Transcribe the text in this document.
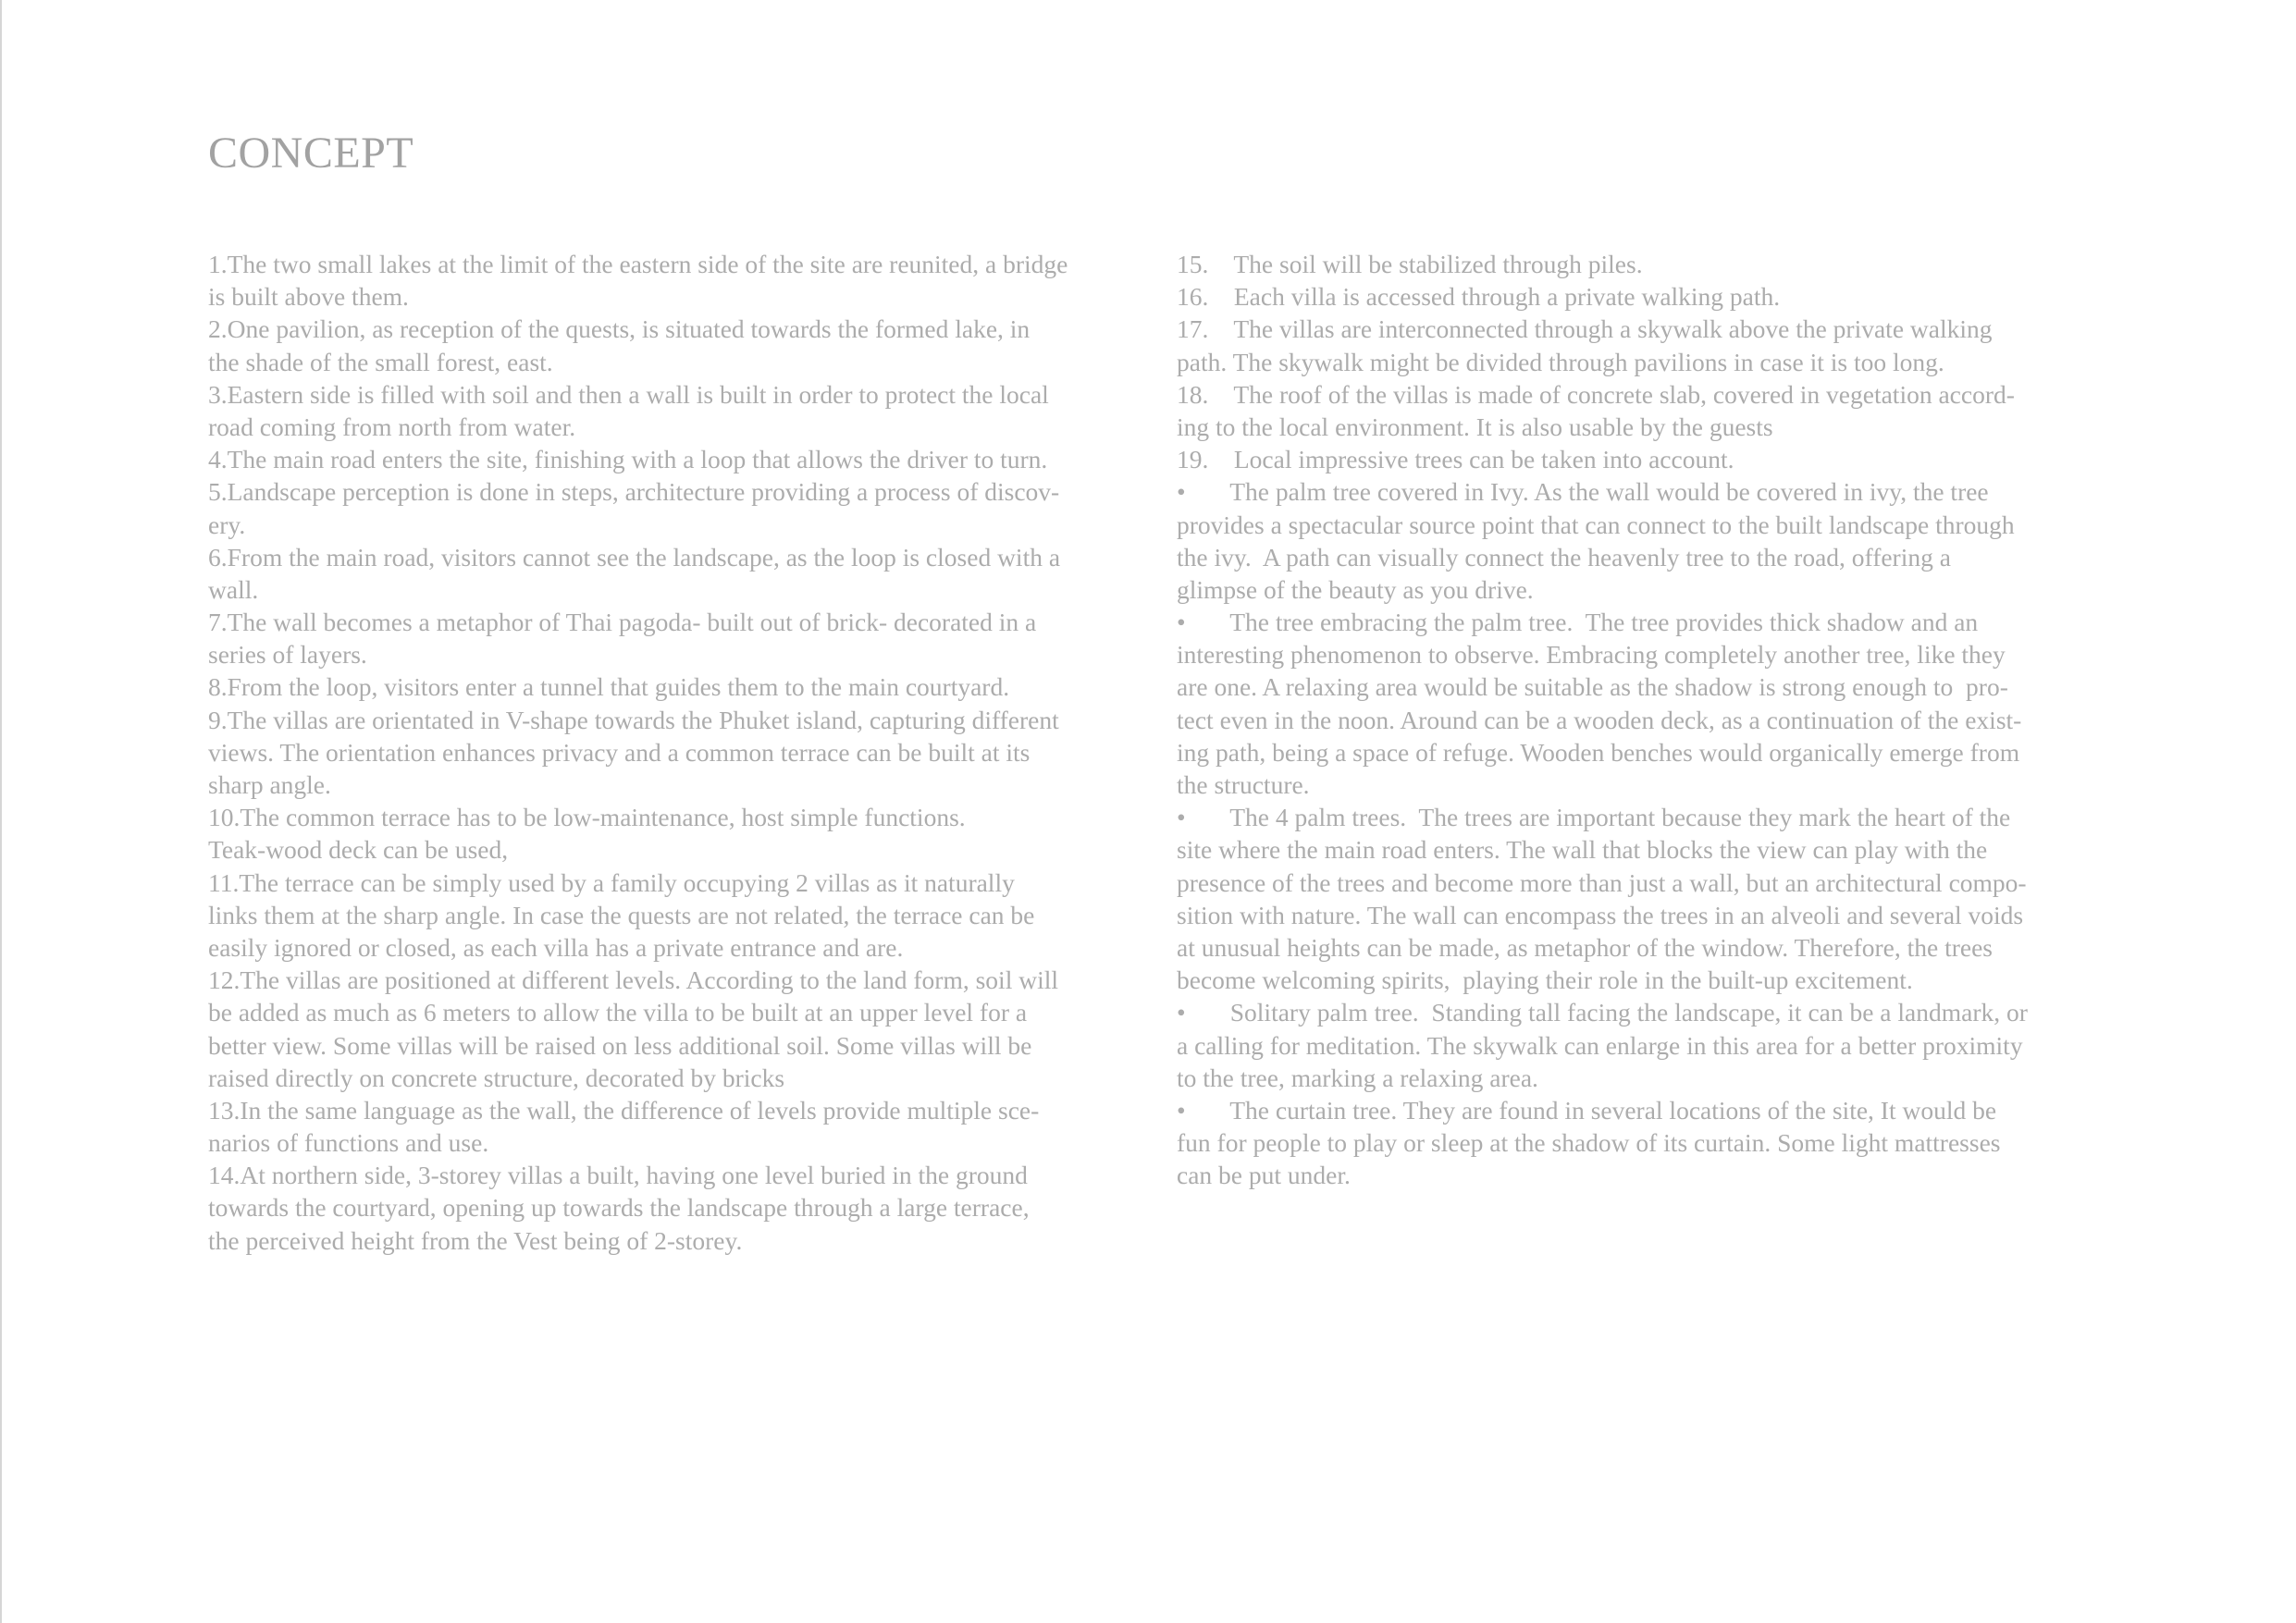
CONCEPT
1.The two small lakes at the limit of the eastern side of the site are reunited, a bridge
is built above them.
2.One pavilion, as reception of the quests, is situated towards the formed lake, in
the shade of the small forest, east.
3.Eastern side is filled with soil and then a wall is built in order to protect the local
road coming from north from water.
4.The main road enters the site, finishing with a loop that allows the driver to turn.
5.Landscape perception is done in steps, architecture providing a process of discov-
ery.
6.From the main road, visitors cannot see the landscape, as the loop is closed with a
wall.
7.The wall becomes a metaphor of Thai pagoda- built out of brick- decorated in a
series of layers.
8.From the loop, visitors enter a tunnel that guides them to the main courtyard.
9.The villas are orientated in V-shape towards the Phuket island, capturing different
views. The orientation enhances privacy and a common terrace can be built at its
sharp angle.
10.The common terrace has to be low-maintenance, host simple functions.
Teak-wood deck can be used,
11.The terrace can be simply used by a family occupying 2 villas as it naturally
links them at the sharp angle. In case the quests are not related, the terrace can be
easily ignored or closed, as each villa has a private entrance and are.
12.The villas are positioned at different levels. According to the land form, soil will
be added as much as 6 meters to allow the villa to be built at an upper level for a
better view. Some villas will be raised on less additional soil. Some villas will be
raised directly on concrete structure, decorated by bricks
13.In the same language as the wall, the difference of levels provide multiple sce-
narios of functions and use.
14.At northern side, 3-storey villas a built, having one level buried in the ground
towards the courtyard, opening up towards the landscape through a large terrace,
the perceived height from the Vest being of 2-storey.
15.    The soil will be stabilized through piles.
16.    Each villa is accessed through a private walking path.
17.    The villas are interconnected through a skywalk above the private walking
path. The skywalk might be divided through pavilions in case it is too long.
18.    The roof of the villas is made of concrete slab, covered in vegetation accord-
ing to the local environment. It is also usable by the guests
19.    Local impressive trees can be taken into account.
•       The palm tree covered in Ivy. As the wall would be covered in ivy, the tree
provides a spectacular source point that can connect to the built landscape through
the ivy.  A path can visually connect the heavenly tree to the road, offering a
glimpse of the beauty as you drive.
•       The tree embracing the palm tree.  The tree provides thick shadow and an
interesting phenomenon to observe. Embracing completely another tree, like they
are one. A relaxing area would be suitable as the shadow is strong enough to  pro-
tect even in the noon. Around can be a wooden deck, as a continuation of the exist-
ing path, being a space of refuge. Wooden benches would organically emerge from
the structure.
•       The 4 palm trees.  The trees are important because they mark the heart of the
site where the main road enters. The wall that blocks the view can play with the
presence of the trees and become more than just a wall, but an architectural compo-
sition with nature. The wall can encompass the trees in an alveoli and several voids
at unusual heights can be made, as metaphor of the window. Therefore, the trees
become welcoming spirits,  playing their role in the built-up excitement.
•       Solitary palm tree.  Standing tall facing the landscape, it can be a landmark, or
a calling for meditation. The skywalk can enlarge in this area for a better proximity
to the tree, marking a relaxing area.
•       The curtain tree. They are found in several locations of the site, It would be
fun for people to play or sleep at the shadow of its curtain. Some light mattresses
can be put under.
